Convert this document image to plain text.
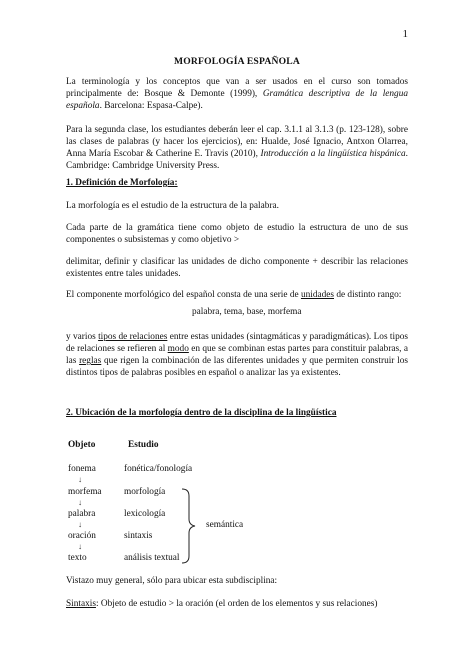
1
MORFOLOGÍA ESPAÑOLA

La terminología y los conceptos que van a ser usados en el curso son tomados principalmente de: Bosque & Demonte (1999), Gramática descriptiva de la lengua española. Barcelona: Espasa-Calpe).

Para la segunda clase, los estudiantes deberán leer el cap. 3.1.1 al 3.1.3 (p. 123-128), sobre las clases de palabras (y hacer los ejercicios), en: Hualde, José Ignacio, Antxon Olarrea, Anna María Escobar & Catherine E. Travis (2010), Introducción a la lingüística hispánica. Cambridge: Cambridge University Press.

1. Definición de Morfología:

La morfología es el estudio de la estructura de la palabra.

Cada parte de la gramática tiene como objeto de estudio la estructura de uno de sus componentes o subsistemas y como objetivo >

delimitar, definir y clasificar las unidades de dicho componente + describir las relaciones existentes entre tales unidades.

El componente morfológico del español consta de una serie de unidades de distinto rango:

palabra, tema, base, morfema

y varios tipos de relaciones entre estas unidades (sintagmáticas y paradigmáticas). Los tipos de relaciones se refieren al modo en que se combinan estas partes para constituir palabras, a las reglas que rigen la combinación de las diferentes unidades y que permiten construir los distintos tipos de palabras posibles en español o analizar las ya existentes.

2. Ubicación de la morfología dentro de la disciplina de la lingüística
Objeto	Estudio
fonema	fonética/fonología
↓
morfema morfología
↓
palabra	lexicología
↓
oración	sintaxis
↓
texto	análisis textual
semántica

Vistazo muy general, sólo para ubicar esta subdisciplina:

Sintaxis: Objeto de estudio > la oración (el orden de los elementos y sus relaciones)
